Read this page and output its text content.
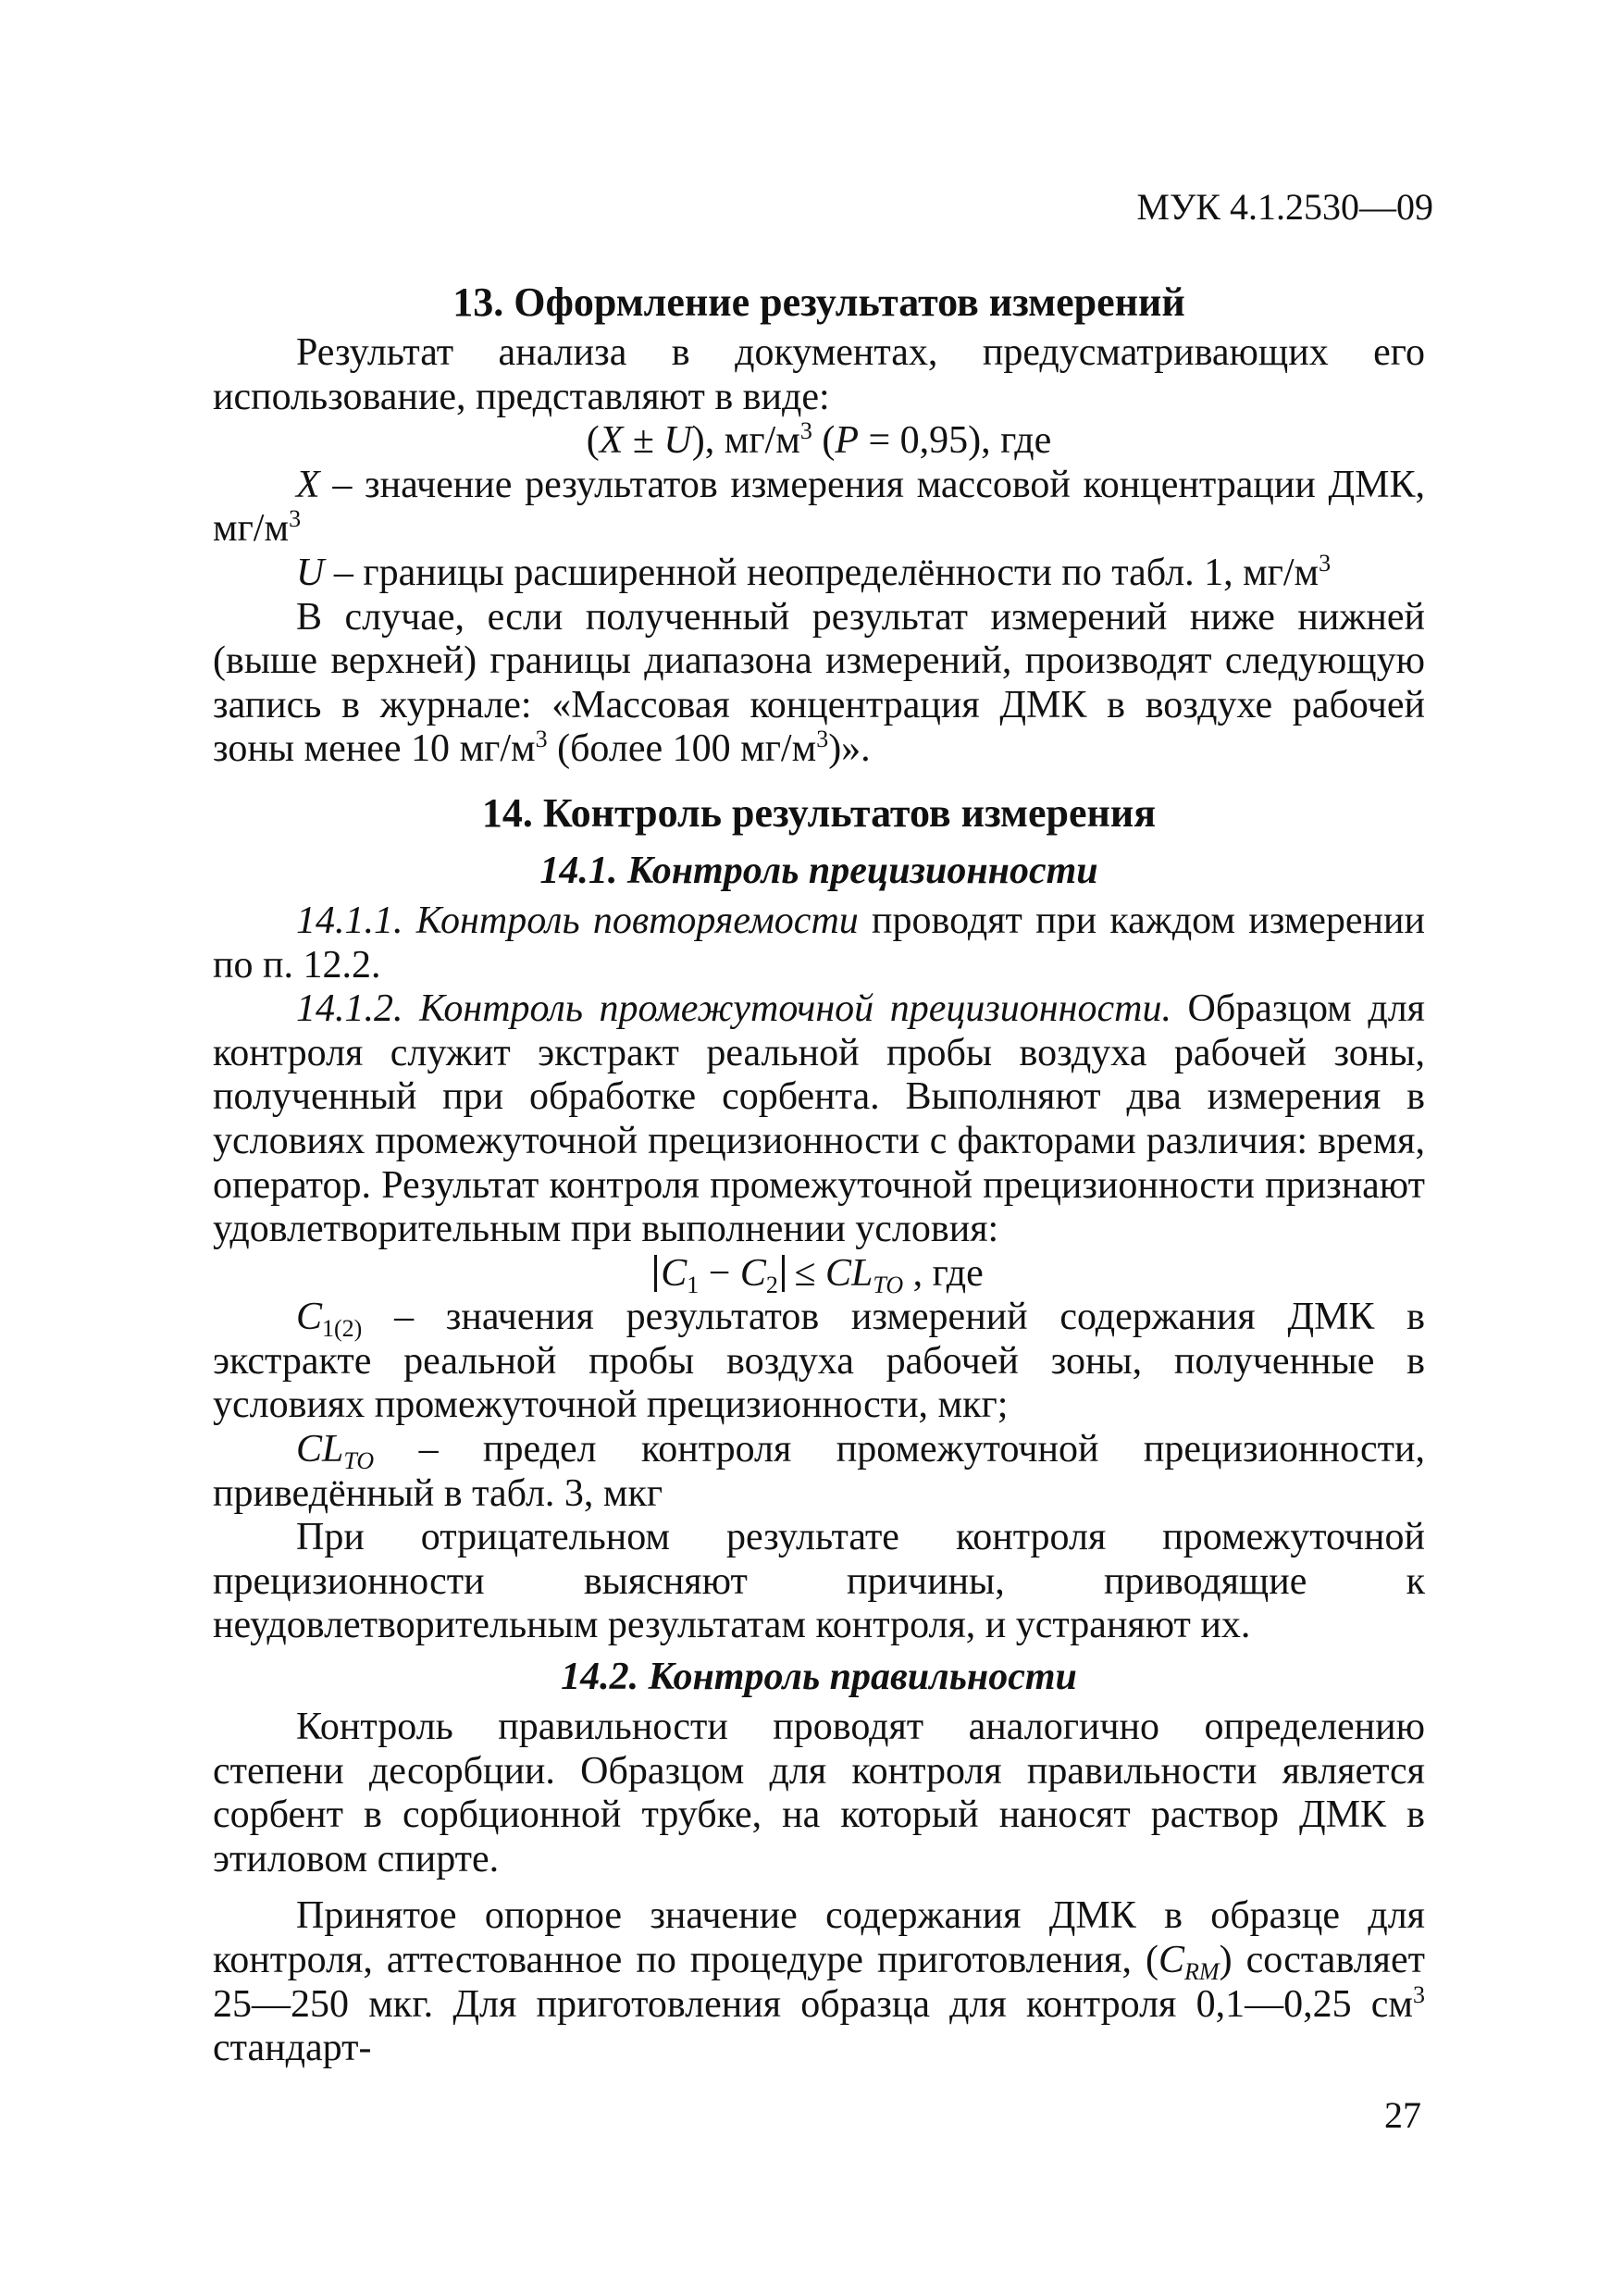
МУК 4.1.2530—09
13. Оформление результатов измерений

Результат анализа в документах, предусматривающих его использование, представляют в виде:

(X ± U), $мг/м^3$ (P = 0,95), где

X – значение результатов измерения массовой концентрации ДМК, $мг/м^3$

U – границы расширенной неопределённости по табл. 1, $мг/м^3$

В случае, если полученный результат измерений ниже нижней (выше верхней) границы диапазона измерений, производят следующую запись в журнале: «Массовая концентрация ДМК в воздухе рабочей зоны менее 10 $мг/м^3$ (более 100 $мг/м^3$)».

14. Контроль результатов измерения
14.1. Контроль прецизионности

14.1.1. Контроль повторяемости проводят при каждом измерении по п. 12.2.

14.1.2. Контроль промежуточной прецизионности. Образцом для контроля служит экстракт реальной пробы воздуха рабочей зоны, полученный при обработке сорбента. Выполняют два измерения в условиях промежуточной прецизионности с факторами различия: время, оператор. Результат контроля промежуточной прецизионности признают удовлетворительным при выполнении условия:

$C_1 - C_2 \le CL_{TO}$ , где

$C_{1(2)}$ – значения результатов измерений содержания ДМК в экстракте реальной пробы воздуха рабочей зоны, полученные в условиях промежуточной прецизионности, мкг;

$CL_{TO}$ – предел контроля промежуточной прецизионности, приведённый в табл. 3, мкг

При отрицательном результате контроля промежуточной прецизионности выясняют причины, приводящие к неудовлетворительным результатам контроля, и устраняют их.

14.2. Контроль правильности

Контроль правильности проводят аналогично определению степени десорбции. Образцом для контроля правильности является сорбент в сорбционной трубке, на который наносят раствор ДМК в этиловом спирте.

Принятое опорное значение содержания ДМК в образце для контроля, аттестованное по процедуре приготовления, $(C_{RM})$ составляет 25—250 мкг. Для приготовления образца для контроля 0,1—0,25 $см^3$ стандарт-

27
